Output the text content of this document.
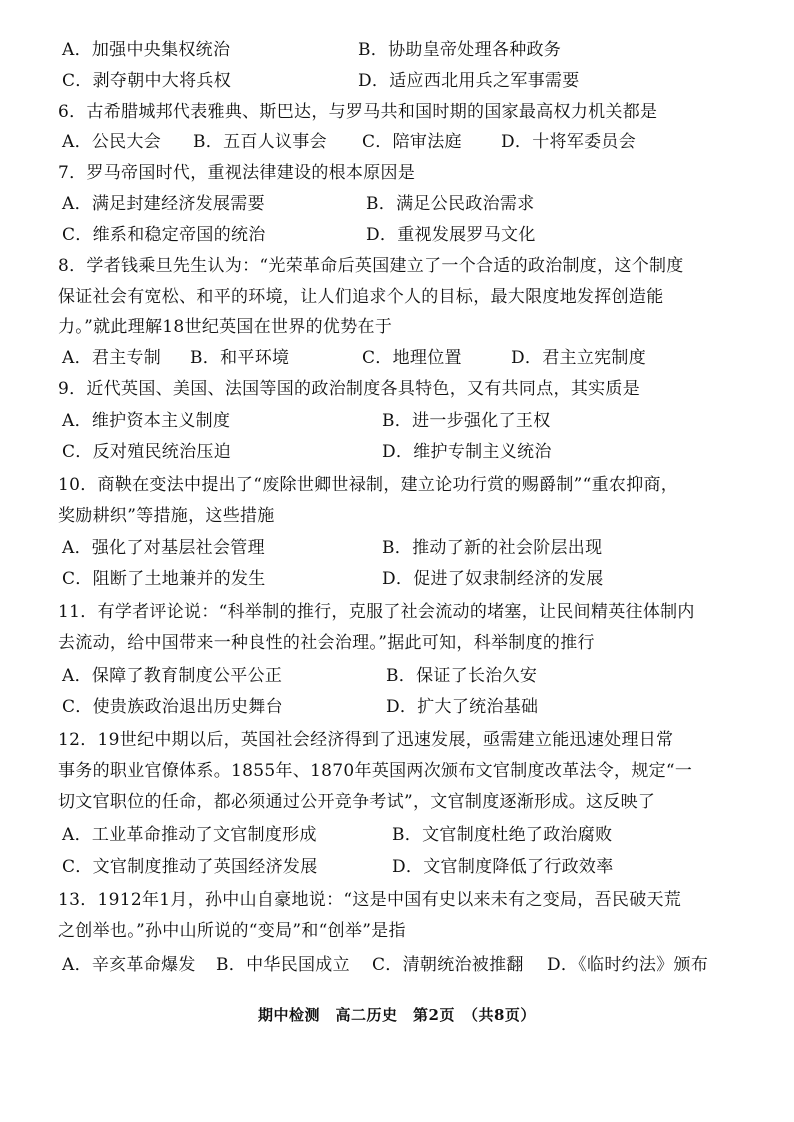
A．加强中央集权统治	B．协助皇帝处理各种政务
C．剥夺朝中大将兵权	D．适应西北用兵之军事需要
6．古希腊城邦代表雅典、斯巴达，与罗马共和国时期的国家最高权力机关都是
A．公民大会 B．五百人议事会 C．陪审法庭 D．十将军委员会
7．罗马帝国时代，重视法律建设的根本原因是
A．满足封建经济发展需要	B．满足公民政治需求
C．维系和稳定帝国的统治	D．重视发展罗马文化
8．学者钱乘旦先生认为：“光荣革命后英国建立了一个合适的政治制度，这个制度
保证社会有宽松、和平的环境，让人们追求个人的目标，最大限度地发挥创造能
力。”就此理解18世纪英国在世界的优势在于
A．君主专制 B．和平环境	C．地理位置	D．君主立宪制度
9．近代英国、美国、法国等国的政治制度各具特色，又有共同点，其实质是
A．维护资本主义制度	B．进一步强化了王权
C．反对殖民统治压迫	D．维护专制主义统治
10．商鞅在变法中提出了“废除世卿世禄制，建立论功行赏的赐爵制”“重农抑商，
奖励耕织”等措施，这些措施
A．强化了对基层社会管理	B．推动了新的社会阶层出现
C．阻断了土地兼并的发生	D．促进了奴隶制经济的发展
11．有学者评论说：“科举制的推行，克服了社会流动的堵塞，让民间精英往体制内
去流动，给中国带来一种良性的社会治理。”据此可知，科举制度的推行
A．保障了教育制度公平公正	B．保证了长治久安
C．使贵族政治退出历史舞台	D．扩大了统治基础
12．19世纪中期以后，英国社会经济得到了迅速发展，亟需建立能迅速处理日常
事务的职业官僚体系。1855年、1870年英国两次颁布文官制度改革法令，规定“一
切文官职位的任命，都必须通过公开竞争考试”，文官制度逐渐形成。这反映了
A．工业革命推动了文官制度形成	B．文官制度杜绝了政治腐败
C．文官制度推动了英国经济发展	D．文官制度降低了行政效率
13．1912年1月，孙中山自豪地说：“这是中国有史以来未有之变局，吾民破天荒
之创举也。”孙中山所说的“变局”和“创举”是指
A．辛亥革命爆发 B．中华民国成立 C．清朝统治被推翻 D．《临时约法》颁布
期中检测　高二历史　第2页　（共8页）
